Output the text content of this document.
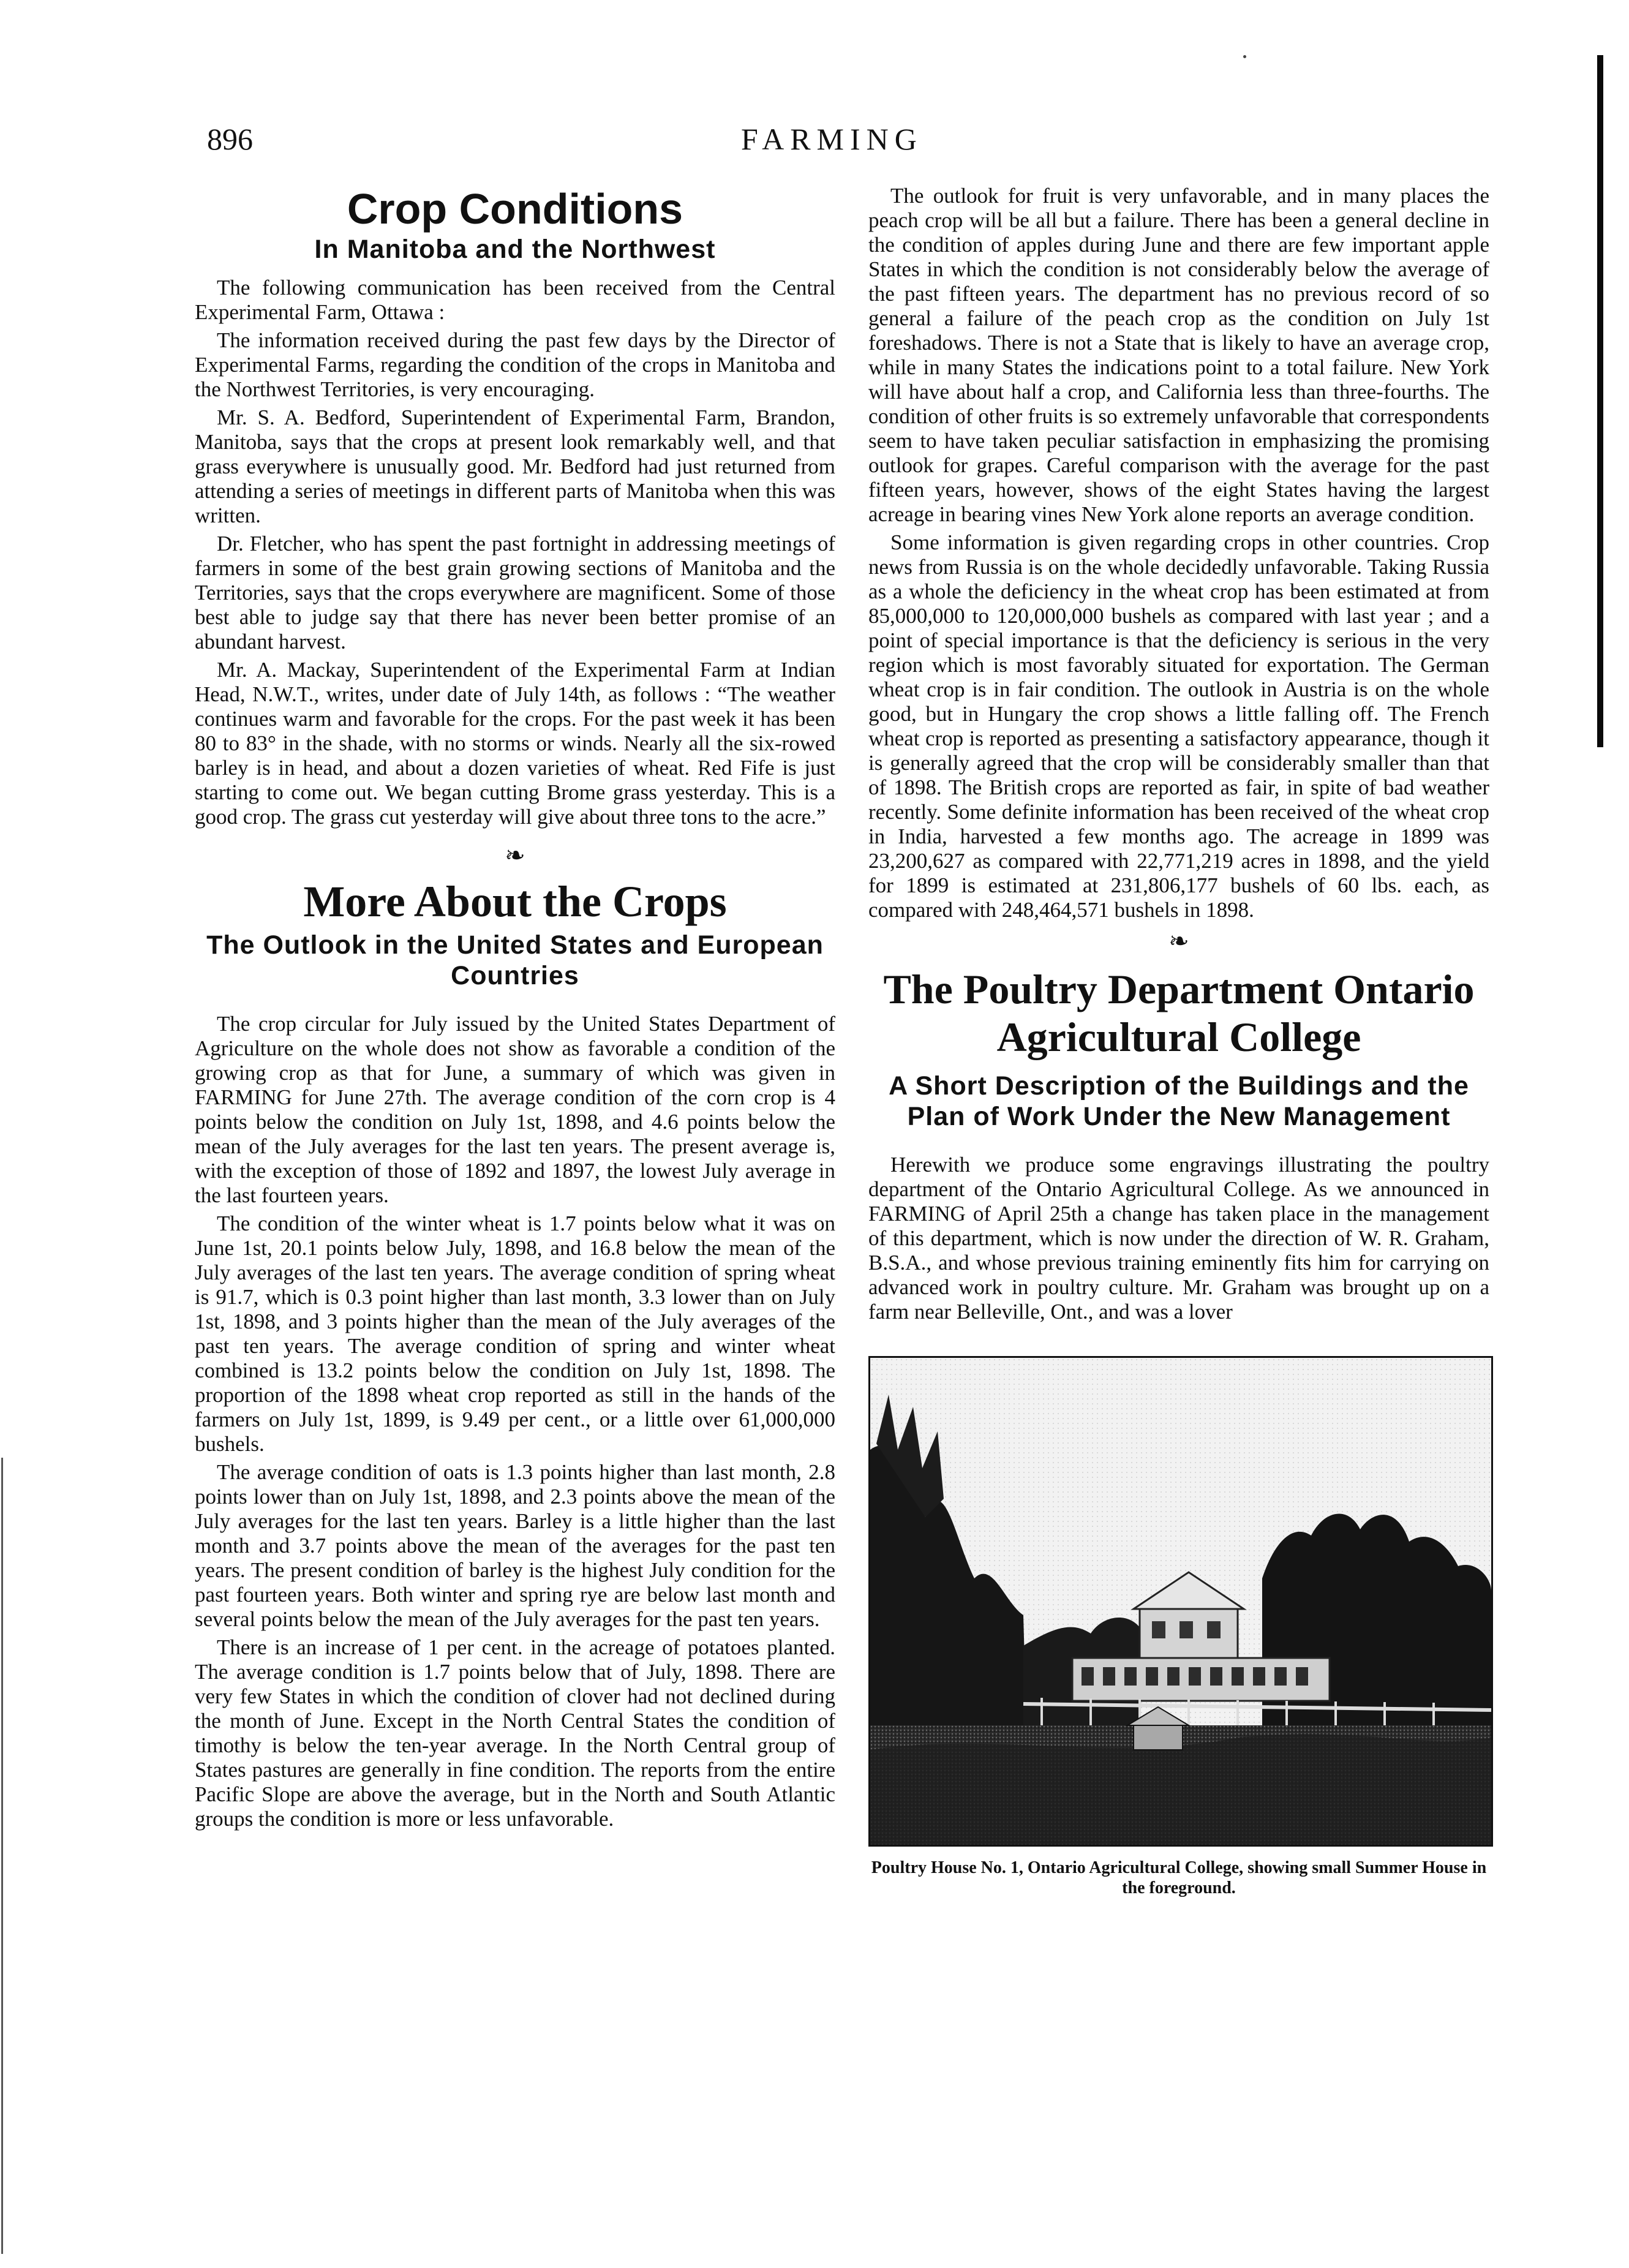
896	FARMING
Crop Conditions
In Manitoba and the Northwest

The following communication has been received from the Central Experimental Farm, Ottawa :

The information received during the past few days by the Director of Experimental Farms, regarding the condition of the crops in Manitoba and the Northwest Territories, is very encouraging.

Mr. S. A. Bedford, Superintendent of Experimental Farm, Brandon, Manitoba, says that the crops at present look remarkably well, and that grass everywhere is unusually good. Mr. Bedford had just returned from attending a series of meetings in different parts of Manitoba when this was written.

Dr. Fletcher, who has spent the past fortnight in addressing meetings of farmers in some of the best grain growing sections of Manitoba and the Territories, says that the crops everywhere are magnificent. Some of those best able to judge say that there has never been better promise of an abundant harvest.

Mr. A. Mackay, Superintendent of the Experimental Farm at Indian Head, N.W.T., writes, under date of July 14th, as follows : “The weather continues warm and favorable for the crops. For the past week it has been 80 to 83° in the shade, with no storms or winds. Nearly all the six-rowed barley is in head, and about a dozen varieties of wheat. Red Fife is just starting to come out. We began cutting Brome grass yesterday. This is a good crop. The grass cut yesterday will give about three tons to the acre.”

❧
More About the Crops
The Outlook in the United States and European Countries

The crop circular for July issued by the United States Department of Agriculture on the whole does not show as favorable a condition of the growing crop as that for June, a summary of which was given in FARMING for June 27th. The average condition of the corn crop is 4 points below the condition on July 1st, 1898, and 4.6 points below the mean of the July averages for the last ten years. The present average is, with the exception of those of 1892 and 1897, the lowest July average in the last fourteen years.

The condition of the winter wheat is 1.7 points below what it was on June 1st, 20.1 points below July, 1898, and 16.8 below the mean of the July averages of the last ten years. The average condition of spring wheat is 91.7, which is 0.3 point higher than last month, 3.3 lower than on July 1st, 1898, and 3 points higher than the mean of the July averages of the past ten years. The average condition of spring and winter wheat combined is 13.2 points below the condition on July 1st, 1898. The proportion of the 1898 wheat crop reported as still in the hands of the farmers on July 1st, 1899, is 9.49 per cent., or a little over 61,000,000 bushels.

The average condition of oats is 1.3 points higher than last month, 2.8 points lower than on July 1st, 1898, and 2.3 points above the mean of the July averages for the last ten years. Barley is a little higher than the last month and 3.7 points above the mean of the averages for the past ten years. The present condition of barley is the highest July condition for the past fourteen years. Both winter and spring rye are below last month and several points below the mean of the July averages for the past ten years.

There is an increase of 1 per cent. in the acreage of potatoes planted. The average condition is 1.7 points below that of July, 1898. There are very few States in which the condition of clover had not declined during the month of June. Except in the North Central States the condition of timothy is below the ten-year average. In the North Central group of States pastures are generally in fine condition. The reports from the entire Pacific Slope are above the average, but in the North and South Atlantic groups the condition is more or less unfavorable.

The outlook for fruit is very unfavorable, and in many places the peach crop will be all but a failure. There has been a general decline in the condition of apples during June and there are few important apple States in which the condition is not considerably below the average of the past fifteen years. The department has no previous record of so general a failure of the peach crop as the condition on July 1st foreshadows. There is not a State that is likely to have an average crop, while in many States the indications point to a total failure. New York will have about half a crop, and California less than three-fourths. The condition of other fruits is so extremely unfavorable that correspondents seem to have taken peculiar satisfaction in emphasizing the promising outlook for grapes. Careful comparison with the average for the past fifteen years, however, shows of the eight States having the largest acreage in bearing vines New York alone reports an average condition.

Some information is given regarding crops in other countries. Crop news from Russia is on the whole decidedly unfavorable. Taking Russia as a whole the deficiency in the wheat crop has been estimated at from 85,000,000 to 120,000,000 bushels as compared with last year ; and a point of special importance is that the deficiency is serious in the very region which is most favorably situated for exportation. The German wheat crop is in fair condition. The outlook in Austria is on the whole good, but in Hungary the crop shows a little falling off. The French wheat crop is reported as presenting a satisfactory appearance, though it is generally agreed that the crop will be considerably smaller than that of 1898. The British crops are reported as fair, in spite of bad weather recently. Some definite information has been received of the wheat crop in India, harvested a few months ago. The acreage in 1899 was 23,200,627 as compared with 22,771,219 acres in 1898, and the yield for 1899 is estimated at 231,806,177 bushels of 60 lbs. each, as compared with 248,464,571 bushels in 1898.

❧
The Poultry Department Ontario Agricultural College
A Short Description of the Buildings and the Plan of Work Under the New Management

Herewith we produce some engravings illustrating the poultry department of the Ontario Agricultural College. As we announced in FARMING of April 25th a change has taken place in the management of this department, which is now under the direction of W. R. Graham, B.S.A., and whose previous training eminently fits him for carrying on advanced work in poultry culture. Mr. Graham was brought up on a farm near Belleville, Ont., and was a lover

Poultry House No. 1, Ontario Agricultural College, showing small Summer House in the foreground.
